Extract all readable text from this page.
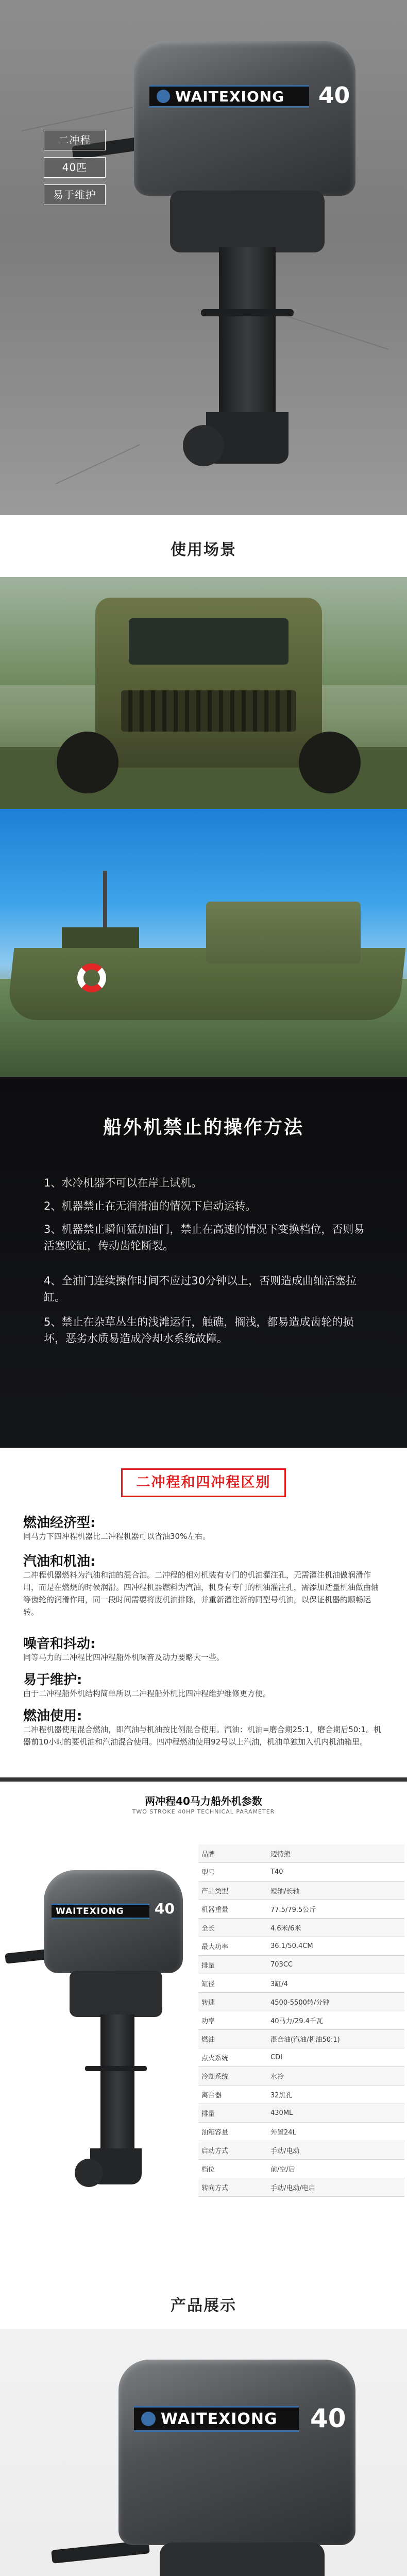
WAITEXIONG 40
二冲程
40匹
易于维护
使用场景
船外机禁止的操作方法
1、水冷机器不可以在岸上试机。
2、机器禁止在无润滑油的情况下启动运转。
3、机器禁止瞬间猛加油门，禁止在高速的情况下变换档位，否则易活塞咬缸，传动齿轮断裂。
4、全油门连续操作时间不应过30分钟以上，否则造成曲轴活塞拉缸。
5、禁止在杂草丛生的浅滩运行，触礁，搁浅，都易造成齿轮的损坏，恶劣水质易造成冷却水系统故障。
二冲程和四冲程区别
燃油经济型:
同马力下四冲程机器比二冲程机器可以省油30%左右。
汽油和机油:
二冲程机器燃料为汽油和油的混合油。二冲程的相对机装有专门的机油灌注孔，无需灌注机油做润滑作用，而是在燃烧的时候润滑。四冲程机器燃料为汽油，机身有专门的机油灌注孔，需添加适量机油做曲轴等齿轮的润滑作用，同一段时间需要将废机油排除，并重新灌注新的同型号机油，以保证机器的顺畅运转。
噪音和抖动:
同等马力的二冲程比四冲程船外机噪音及动力要略大一些。
易于维护:
由于二冲程船外机结构简单所以二冲程船外机比四冲程维护维修更方便。
燃油使用:
二冲程机器使用混合燃油，即汽油与机油按比例混合使用。汽油：机油=磨合期25:1，磨合期后50:1。机器前10小时的要机油和汽油混合使用。四冲程燃油使用92号以上汽油，机油单独加入机内机油箱里。
两冲程40马力船外机参数
TWO STROKE 40HP TECHNICAL PARAMETER
WAITEXIONG 40
品牌	迈特熊
型号	T40
产品类型	短轴/长轴
机器重量	77.5/79.5公斤
全长	4.6米/6米
最大功率	36.1/50.4CM
排量	703CC
缸径	3缸/4
转速	4500-5500转/分钟
功率	40马力/29.4千瓦
燃油	混合油(汽油/机油50:1)
点火系统	CDI
冷却系统	水冷
离合器	32黑孔
排量	430ML
油箱容量	外置24L
启动方式	手动/电动
档位	前/空/后
转向方式	手动/电动/电启
产品展示
WAITEXIONG 40
